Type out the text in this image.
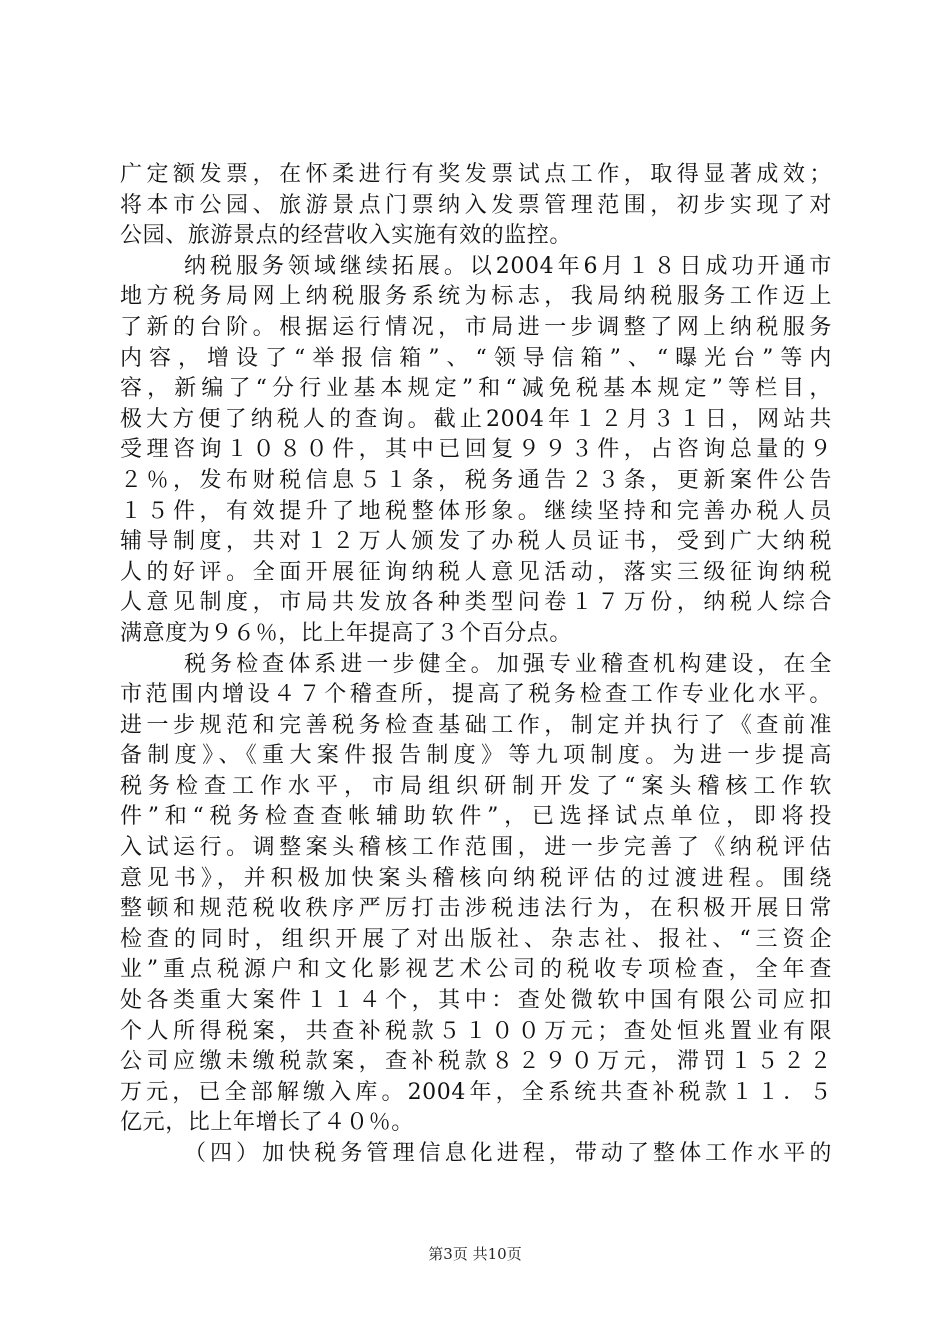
广定额发票，在怀柔进行有奖发票试点工作，取得显著成效；
将本市公园、旅游景点门票纳入发票管理范围，初步实现了对
公园、旅游景点的经营收入实施有效的监控。
纳税服务领域继续拓展。以2004年6月１８日成功开通市
地方税务局网上纳税服务系统为标志，我局纳税服务工作迈上
了新的台阶。根据运行情况，市局进一步调整了网上纳税服务
内容，增设了“举报信箱”、“领导信箱”、“曝光台”等内
容，新编了“分行业基本规定”和“减免税基本规定”等栏目，
极大方便了纳税人的查询。截止2004年１２月３１日，网站共
受理咨询１０８０件，其中已回复９９３件，占咨询总量的９
２％，发布财税信息５１条，税务通告２３条，更新案件公告
１５件，有效提升了地税整体形象。继续坚持和完善办税人员
辅导制度，共对１２万人颁发了办税人员证书，受到广大纳税
人的好评。全面开展征询纳税人意见活动，落实三级征询纳税
人意见制度，市局共发放各种类型问卷１７万份，纳税人综合
满意度为９６％，比上年提高了３个百分点。
税务检查体系进一步健全。加强专业稽查机构建设，在全
市范围内增设４７个稽查所，提高了税务检查工作专业化水平。
进一步规范和完善税务检查基础工作，制定并执行了《查前准
备制度》、《重大案件报告制度》等九项制度。为进一步提高
税务检查工作水平，市局组织研制开发了“案头稽核工作软
件”和“税务检查查帐辅助软件”，已选择试点单位，即将投
入试运行。调整案头稽核工作范围，进一步完善了《纳税评估
意见书》，并积极加快案头稽核向纳税评估的过渡进程。围绕
整顿和规范税收秩序严厉打击涉税违法行为，在积极开展日常
检查的同时，组织开展了对出版社、杂志社、报社、“三资企
业”重点税源户和文化影视艺术公司的税收专项检查，全年查
处各类重大案件１１４个，其中：查处微软中国有限公司应扣
个人所得税案，共查补税款５１００万元；查处恒兆置业有限
公司应缴未缴税款案，查补税款８２９０万元，滞罚１５２２
万元，已全部解缴入库。2004年，全系统共查补税款１１．５
亿元，比上年增长了４０％。
（四）加快税务管理信息化进程，带动了整体工作水平的
第3页 共10页
